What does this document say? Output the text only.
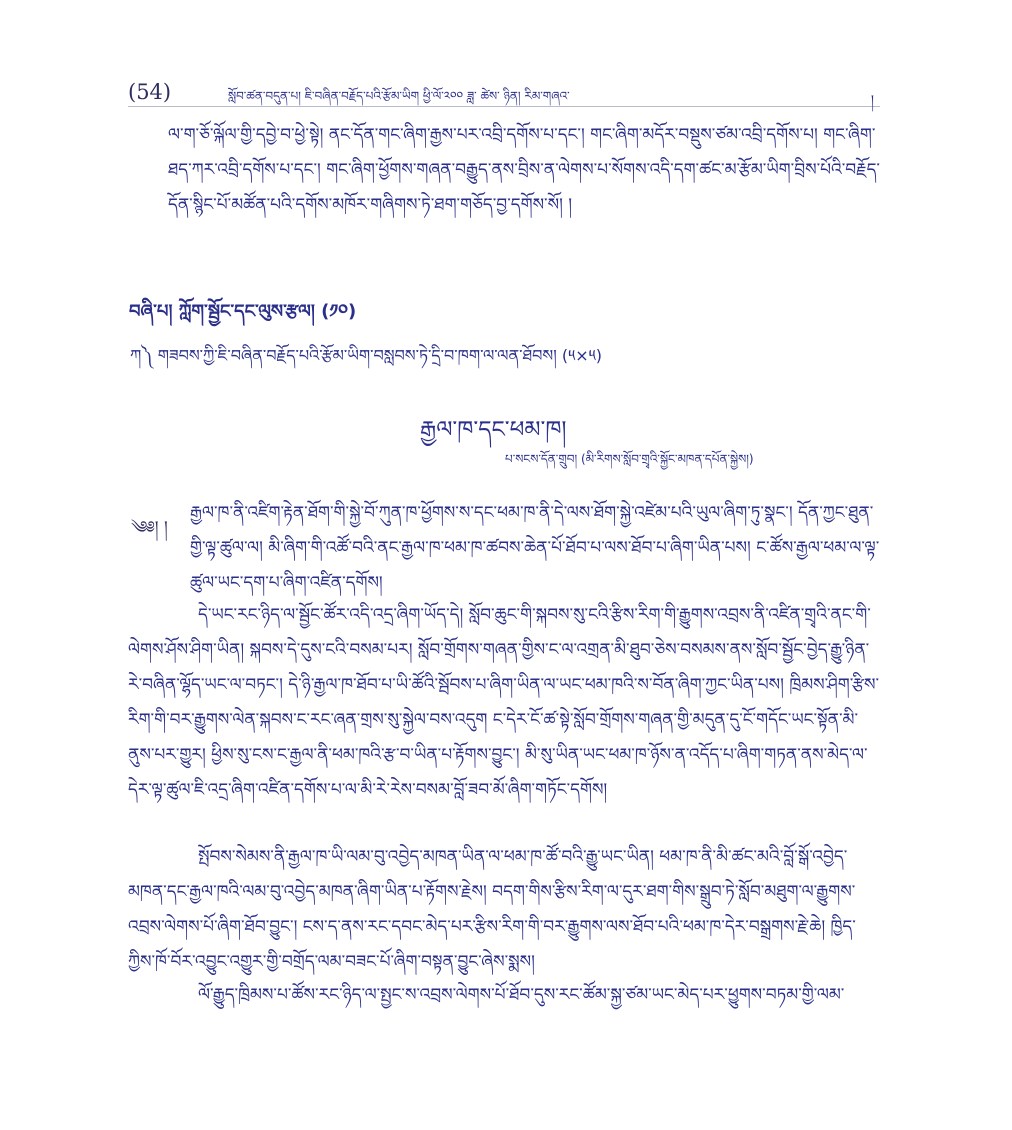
(54)	སློབ་ཚན་བདུན་པ། ཇི་བཞིན་བརྗོད་པའི་རྩོམ་ཡིག ཕྱི་ལོ་༢༠༠ ཟླ་ ཚེས་ ཉིན། རིམ་གཞའ་	།
ལ་ག་ཅོ་ལྐོལ་གྱི་དབྱེ་བ་ཕྱེ་སྟེ། ནང་དོན་གང་ཞིག་རྒྱས་པར་འབྲི་དགོས་པ་དང་། གང་ཞིག་མདོར་བསྡུས་ཙམ་འབྲི་དགོས་པ། གང་ཞིག་ཐད་ཀར་འབྲི་དགོས་པ་དང་། གང་ཞིག་ཕྱོགས་གཞན་བརྒྱུད་ནས་བྲིས་ན་ལེགས་པ་སོགས་འདི་དག་ཚང་མ་རྩོམ་ཡིག་བྲིས་པོའི་བརྗོད་དོན་སྙིང་པོ་མཚོན་པའི་དགོས་མཁོར་གཞིགས་ཏེ་ཐག་གཅོད་བྱ་དགོས་སོ། །
བཞི་པ། ཀློག་སྦྱོང་དང་ལུས་རྩལ། (༡༠)
ཀ༽ གཟབས་ཀྱི་ཇི་བཞིན་བརྗོད་པའི་རྩོམ་ཡིག་བསླབས་ཏེ་དྲི་བ་ཁག་ལ་ལན་ཐོབས། (༥×༥)
རྒྱལ་ཁ་དང་ཕམ་ཁ།
པ་སངས་དོན་གྲུབ། (མི་རིགས་སློབ་གྲྭའི་སྐྱོང་མཁན་དཔོན་སྐྱེས།)
༄༅། །
རྒྱལ་ཁ་ནི་འཛིག་རྟེན་ཐོག་གི་སྐྱེ་བོ་ཀུན་ཁ་ཕྱོགས་ས་དང་ཕམ་ཁ་ནི་དེ་ལས་ཐོག་སྐྱེ་འཛེམ་པའི་ཡུལ་ཞིག་ཏུ་སྣང་། དོན་ཀྱང་ཐུན་གྱི་ལྟ་ཚུལ་ལ། མི་ཞིག་གི་འཚོ་བའི་ནང་རྒྱལ་ཁ་ཕམ་ཁ་ཚབས་ཆེན་པོ་ཐོབ་པ་ལས་ཐོབ་པ་ཞིག་ཡིན་པས། ང་ཚོས་རྒྱལ་ཕམ་ལ་ལྟ་ཚུལ་ཡང་དག་པ་ཞིག་འཛིན་དགོས།
དེ་ཡང་རང་ཉིད་ལ་སྦྱོང་ཚོར་འདི་འདྲ་ཞིག་ཡོད་དེ། སློབ་ཆུང་གི་སྐབས་སུ་ངའི་རྩིས་རིག་གི་རྒྱུགས་འབྲས་ནི་འཛིན་གྲྭའི་ནང་གི་ལེགས་ཤོས་ཤིག་ཡིན། སྐབས་དེ་དུས་ངའི་བསམ་པར། སློབ་གྲོགས་གཞན་གྱིས་ང་ལ་འགྲན་མི་ཐུབ་ཅེས་བསམས་ནས་སློབ་སྦྱོང་བྱེད་རྒྱུ་ཉིན་རེ་བཞིན་ལྷོད་ཡང་ལ་བཏང་། དེ་ཉི་རྒྱལ་ཁ་ཐོབ་པ་ཡི་ཚོའི་སྦོབས་པ་ཞིག་ཡིན་ལ་ཡང་ཕམ་ཁའི་ས་བོན་ཞིག་ཀྱང་ཡིན་པས། ཁྲིམས་ཤིག་རྩིས་རིག་གི་བར་རྒྱུགས་ལེན་སྐབས་ང་རང་ཞན་གྲས་སུ་སྐྱེལ་བས་འདུག ང་དེར་ངོ་ཚ་སྟེ་སློབ་གྲོགས་གཞན་གྱི་མདུན་དུ་ངོ་གདོང་ཡང་སྟོན་མི་ནུས་པར་གྱུར། ཕྱིས་སུ་ངས་ང་རྒྱལ་ནི་ཕམ་ཁའི་རྩ་བ་ཡིན་པ་རྟོགས་བྱུང་། མི་སུ་ཡིན་ཡང་ཕམ་ཁ་ཉོས་ན་འདོད་པ་ཞིག་གཏན་ནས་མེད་ལ་དེར་ལྟ་ཚུལ་ཇི་འདྲ་ཞིག་འཛིན་དགོས་པ་ལ་མི་རེ་རེས་བསམ་བློ་ཟབ་མོ་ཞིག་གཏོང་དགོས།
སྤོབས་སེམས་ནི་རྒྱལ་ཁ་ཡི་ལམ་བུ་འབྱེད་མཁན་ཡིན་ལ་ཕམ་ཁ་ཚོ་བའི་རྒྱུ་ཡང་ཡིན། ཕམ་ཁ་ནི་མི་ཚང་མའི་བློ་སྒོ་འབྱེད་མཁན་དང་རྒྱལ་ཁའི་ལམ་བུ་འབྱེད་མཁན་ཞིག་ཡིན་པ་རྟོགས་རྗེས། བདག་གིས་རྩིས་རིག་ལ་དུར་ཐག་གིས་སྒྲུབ་ཏེ་སློབ་མཐུག་ལ་རྒྱུགས་འབྲས་ལེགས་པོ་ཞིག་ཐོབ་བྱུང་། ངས་ད་ནས་རང་དབང་མེད་པར་རྩིས་རིག་གི་བར་རྒྱུགས་ལས་ཐོབ་པའི་ཕམ་ཁ་དེར་བསྒྲགས་རྗེ་ཆེ། ཁྱིད་ཀྱིས་ཁོ་བོར་འབྱུང་འགྱུར་གྱི་བགྲོད་ལམ་བཟང་པོ་ཞིག་བསྟན་བྱུང་ཞེས་སྨས།
ལོ་རྒྱུད་ཁྲིམས་པ་ཚོས་རང་ཉིད་ལ་སྤྱང་ས་འབྲས་ལེགས་པོ་ཐོབ་དུས་རང་ཚོམ་སྐྱ་ཙམ་ཡང་མེད་པར་ཕྱུགས་བཏམ་གྱི་ལམ་
